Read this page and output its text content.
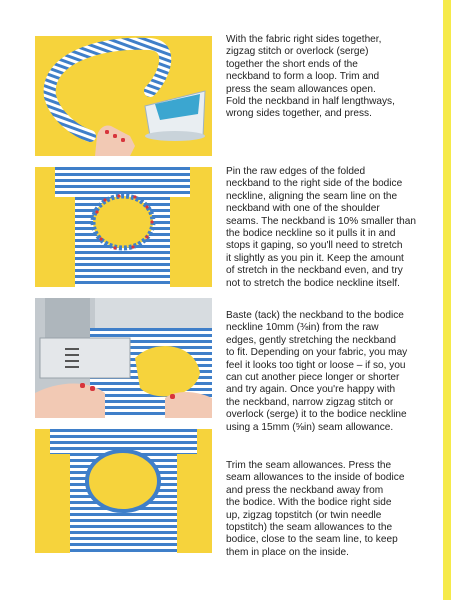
With the fabric right sides together,
zigzag stitch or overlock (serge)
together the short ends of the
neckband to form a loop. Trim and
press the seam allowances open.
Fold the neckband in half lengthways,
wrong sides together, and press.
Pin the raw edges of the folded
neckband to the right side of the bodice
neckline, aligning the seam line on the
neckband with one of the shoulder
seams. The neckband is 10% smaller than
the bodice neckline so it pulls it in and
stops it gaping, so you'll need to stretch
it slightly as you pin it. Keep the amount
of stretch in the neckband even, and try
not to stretch the bodice neckline itself.
Baste (tack) the neckband to the bodice
neckline 10mm (⅜in) from the raw
edges, gently stretching the neckband
to fit. Depending on your fabric, you may
feel it looks too tight or loose – if so, you
can cut another piece longer or shorter
and try again. Once you're happy with
the neckband, narrow zigzag stitch or
overlock (serge) it to the bodice neckline
using a 15mm (⅝in) seam allowance.
Trim the seam allowances. Press the
seam allowances to the inside of bodice
and press the neckband away from
the bodice. With the bodice right side
up, zigzag topstitch (or twin needle
topstitch) the seam allowances to the
bodice, close to the seam line, to keep
them in place on the inside.
